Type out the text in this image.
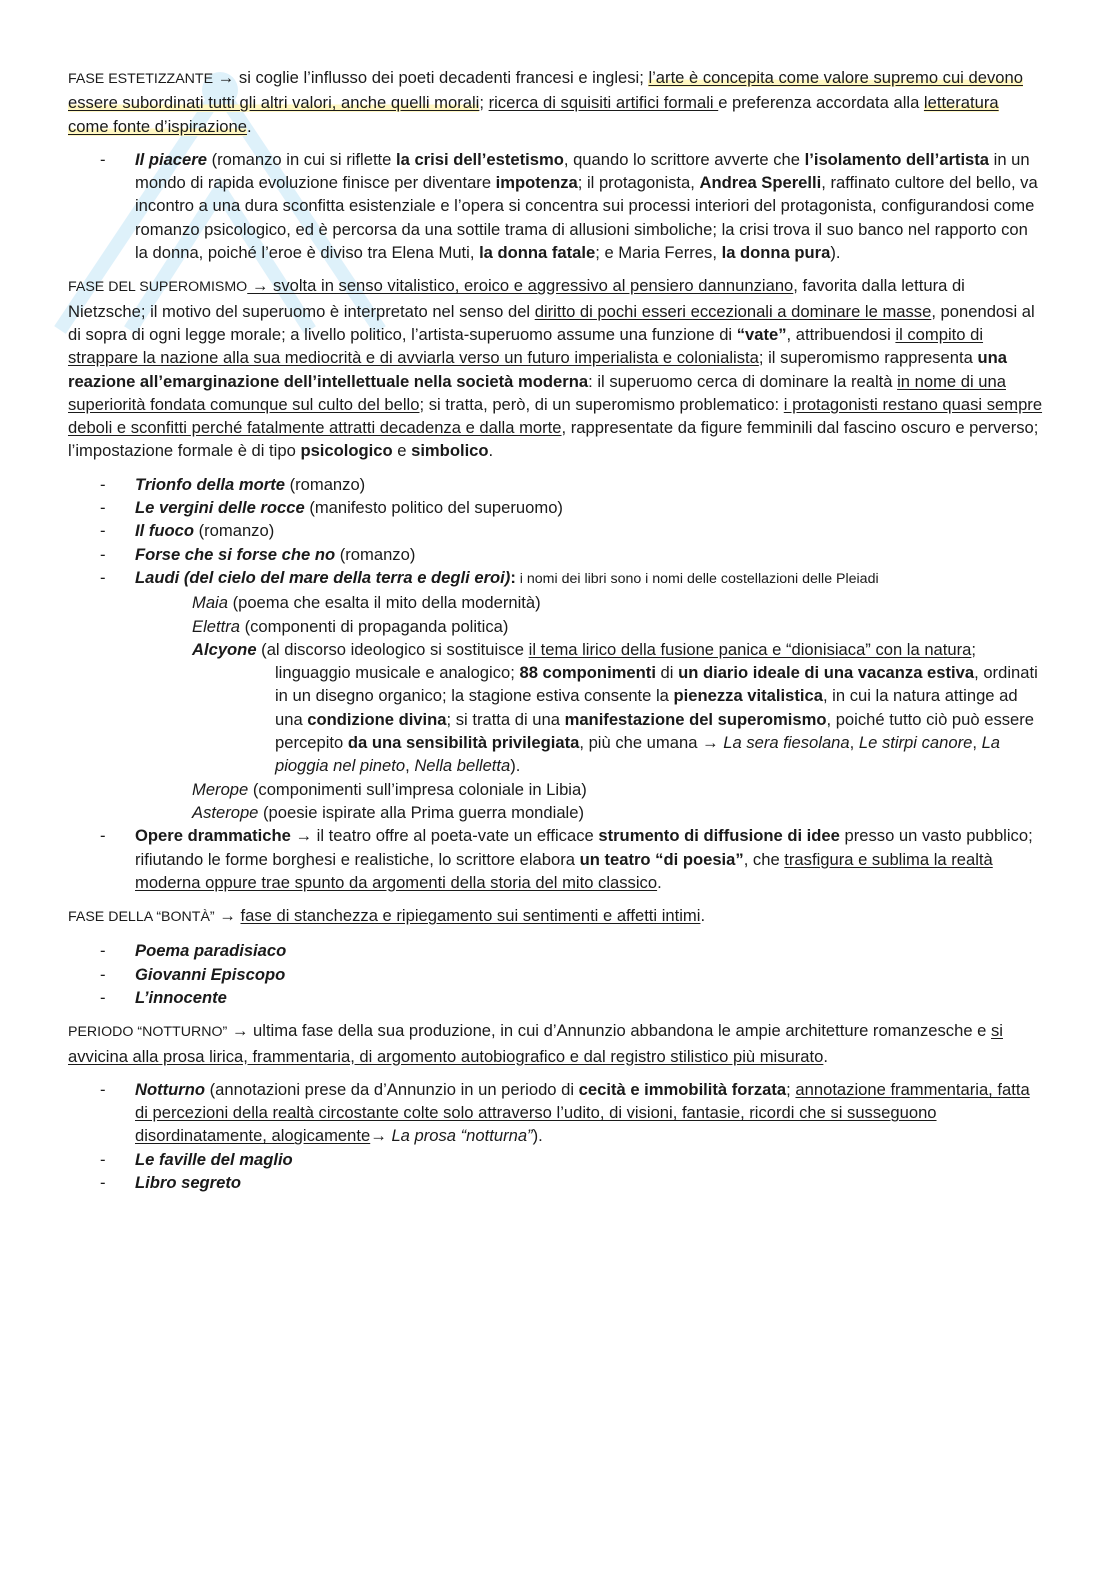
FASE ESTETIZZANTE → si coglie l’influsso dei poeti decadenti francesi e inglesi; l’arte è concepita come valore supremo cui devono essere subordinati tutti gli altri valori, anche quelli morali; ricerca di squisiti artifici formali e preferenza accordata alla letteratura come fonte d’ispirazione.

- Il piacere (romanzo in cui si riflette la crisi dell’estetismo, quando lo scrittore avverte che l’isolamento dell’artista in un mondo di rapida evoluzione finisce per diventare impotenza; il protagonista, Andrea Sperelli, raffinato cultore del bello, va incontro a una dura sconfitta esistenziale e l’opera si concentra sui processi interiori del protagonista, configurandosi come romanzo psicologico, ed è percorsa da una sottile trama di allusioni simboliche; la crisi trova il suo banco nel rapporto con la donna, poiché l’eroe è diviso tra Elena Muti, la donna fatale; e Maria Ferres, la donna pura).

FASE DEL SUPEROMISMO → svolta in senso vitalistico, eroico e aggressivo al pensiero dannunziano, favorita dalla lettura di Nietzsche; il motivo del superuomo è interpretato nel senso del diritto di pochi esseri eccezionali a dominare le masse, ponendosi al di sopra di ogni legge morale; a livello politico, l’artista-superuomo assume una funzione di “vate”, attribuendosi il compito di strappare la nazione alla sua mediocrità e di avviarla verso un futuro imperialista e colonialista; il superomismo rappresenta una reazione all’emarginazione dell’intellettuale nella società moderna: il superuomo cerca di dominare la realtà in nome di una superiorità fondata comunque sul culto del bello; si tratta, però, di un superomismo problematico: i protagonisti restano quasi sempre deboli e sconfitti perché fatalmente attratti decadenza e dalla morte, rappresentate da figure femminili dal fascino oscuro e perverso; l’impostazione formale è di tipo psicologico e simbolico.

- Trionfo della morte (romanzo)
- Le vergini delle rocce (manifesto politico del superuomo)
- Il fuoco (romanzo)
- Forse che si forse che no (romanzo)
- Laudi (del cielo del mare della terra e degli eroi): i nomi dei libri sono i nomi delle costellazioni delle Pleiadi
Maia (poema che esalta il mito della modernità)
Elettra (componenti di propaganda politica)
Alcyone (al discorso ideologico si sostituisce il tema lirico della fusione panica e “dionisiaca” con la natura; linguaggio musicale e analogico; 88 componimenti di un diario ideale di una vacanza estiva, ordinati in un disegno organico; la stagione estiva consente la pienezza vitalistica, in cui la natura attinge ad una condizione divina; si tratta di una manifestazione del superomismo, poiché tutto ciò può essere percepito da una sensibilità privilegiata, più che umana → La sera fiesolana, Le stirpi canore, La pioggia nel pineto, Nella belletta).
Merope (componimenti sull’impresa coloniale in Libia)
Asterope (poesie ispirate alla Prima guerra mondiale)
- Opere drammatiche → il teatro offre al poeta-vate un efficace strumento di diffusione di idee presso un vasto pubblico; rifiutando le forme borghesi e realistiche, lo scrittore elabora un teatro “di poesia”, che trasfigura e sublima la realtà moderna oppure trae spunto da argomenti della storia del mito classico.

FASE DELLA “BONTÀ” → fase di stanchezza e ripiegamento sui sentimenti e affetti intimi.

- Poema paradisiaco
- Giovanni Episcopo
- L’innocente

PERIODO “NOTTURNO” → ultima fase della sua produzione, in cui d’Annunzio abbandona le ampie architetture romanzesche e si avvicina alla prosa lirica, frammentaria, di argomento autobiografico e dal registro stilistico più misurato.

- Notturno (annotazioni prese da d’Annunzio in un periodo di cecità e immobilità forzata; annotazione frammentaria, fatta di percezioni della realtà circostante colte solo attraverso l’udito, di visioni, fantasie, ricordi che si susseguono disordinatamente, alogicamente→ La prosa “notturna”).
- Le faville del maglio
- Libro segreto
